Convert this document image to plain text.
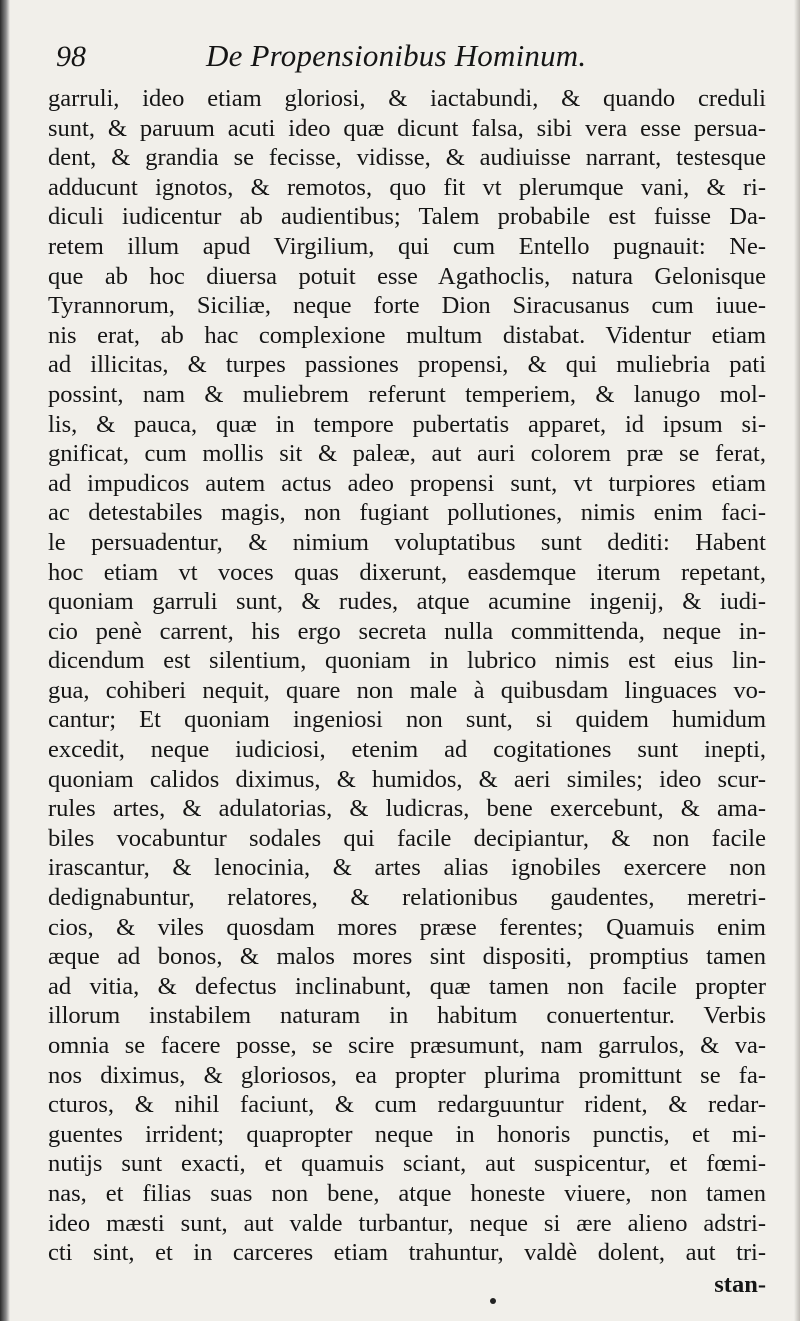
98	De Propensionibus Hominum.
garruli, ideo etiam gloriosi, & iactabundi, & quando creduli
sunt, & paruum acuti ideo quæ dicunt falsa, sibi vera esse persua-
dent, & grandia se fecisse, vidisse, & audiuisse narrant, testesque
adducunt ignotos, & remotos, quo fit vt plerumque vani, & ri-
diculi iudicentur ab audientibus; Talem probabile est fuisse Da-
retem illum apud Virgilium, qui cum Entello pugnauit: Ne-
que ab hoc diuersa potuit esse Agathoclis, natura Gelonisque
Tyrannorum, Siciliæ, neque forte Dion Siracusanus cum iuue-
nis erat, ab hac complexione multum distabat. Videntur etiam
ad illicitas, & turpes passiones propensi, & qui muliebria pati
possint, nam & muliebrem referunt temperiem, & lanugo mol-
lis, & pauca, quæ in tempore pubertatis apparet, id ipsum si-
gnificat, cum mollis sit & paleæ, aut auri colorem præ se ferat,
ad impudicos autem actus adeo propensi sunt, vt turpiores etiam
ac detestabiles magis, non fugiant pollutiones, nimis enim faci-
le persuadentur, & nimium voluptatibus sunt dediti: Habent
hoc etiam vt voces quas dixerunt, easdemque iterum repetant,
quoniam garruli sunt, & rudes, atque acumine ingenij, & iudi-
cio penè carrent, his ergo secreta nulla committenda, neque in-
dicendum est silentium, quoniam in lubrico nimis est eius lin-
gua, cohiberi nequit, quare non male à quibusdam linguaces vo-
cantur; Et quoniam ingeniosi non sunt, si quidem humidum
excedit, neque iudiciosi, etenim ad cogitationes sunt inepti,
quoniam calidos diximus, & humidos, & aeri similes; ideo scur-
rules artes, & adulatorias, & ludicras, bene exercebunt, & ama-
biles vocabuntur sodales qui facile decipiantur, & non facile
irascantur, & lenocinia, & artes alias ignobiles exercere non
dedignabuntur, relatores, & relationibus gaudentes, meretri-
cios, & viles quosdam mores præse ferentes; Quamuis enim
æque ad bonos, & malos mores sint dispositi, promptius tamen
ad vitia, & defectus inclinabunt, quæ tamen non facile propter
illorum instabilem naturam in habitum conuertentur. Verbis
omnia se facere posse, se scire præsumunt, nam garrulos, & va-
nos diximus, & gloriosos, ea propter plurima promittunt se fa-
cturos, & nihil faciunt, & cum redarguuntur rident, & redar-
guentes irrident; quapropter neque in honoris punctis, et mi-
nutijs sunt exacti, et quamuis sciant, aut suspicentur, et fœmi-
nas, et filias suas non bene, atque honeste viuere, non tamen
ideo mæsti sunt, aut valde turbantur, neque si ære alieno adstri-
cti sint, et in carceres etiam trahuntur, valdè dolent, aut tri-
stan-
